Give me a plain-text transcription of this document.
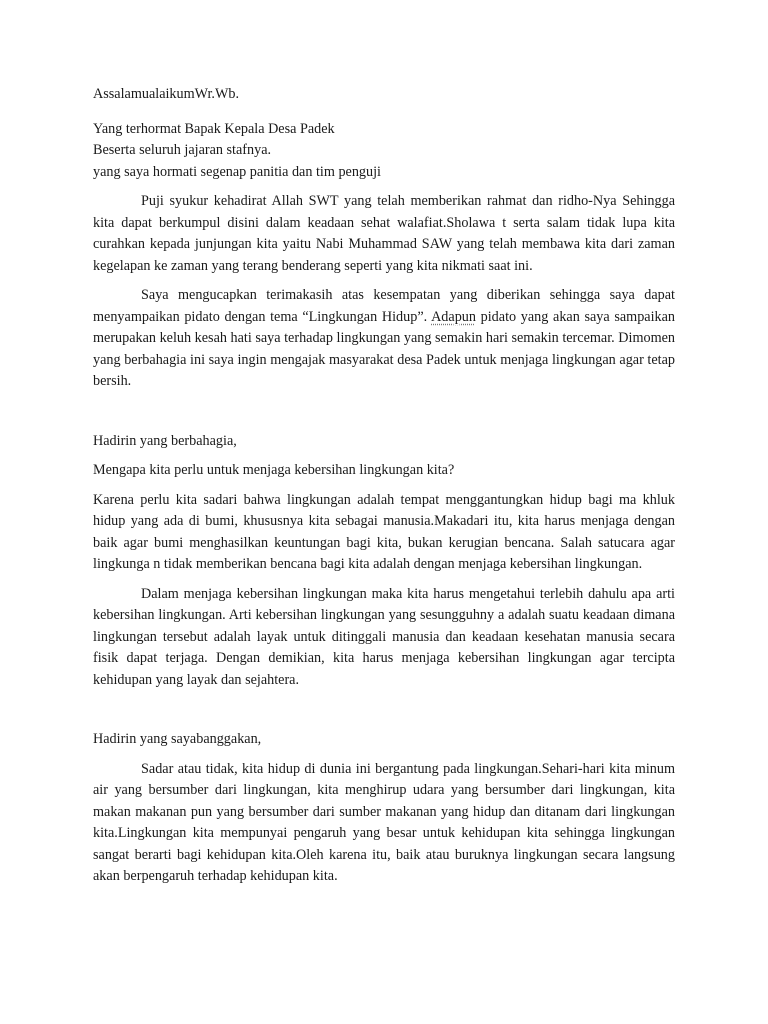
AssalamualaikumWr.Wb.

Yang terhormat Bapak Kepala Desa Padek

Beserta seluruh jajaran stafnya.

yang saya hormati segenap panitia dan tim penguji

Puji syukur kehadirat Allah SWT yang telah memberikan rahmat dan ridho-Nya Sehingga kita dapat berkumpul disini dalam keadaan sehat walafiat.Sholawa t serta salam tidak lupa kita curahkan kepada junjungan kita yaitu Nabi Muhammad SAW yang telah membawa kita dari zaman kegelapan ke zaman yang terang benderang seperti yang kita nikmati saat ini.

Saya mengucapkan terimakasih atas kesempatan yang diberikan sehingga saya dapat menyampaikan pidato dengan tema “Lingkungan Hidup”. Adapun pidato yang akan saya sampaikan merupakan keluh kesah hati saya terhadap lingkungan yang semakin hari semakin tercemar. Dimomen yang berbahagia ini saya ingin mengajak masyarakat desa Padek untuk menjaga lingkungan agar tetap bersih.

Hadirin yang berbahagia,

Mengapa kita perlu untuk menjaga kebersihan lingkungan kita?

Karena perlu kita sadari bahwa lingkungan adalah tempat menggantungkan hidup bagi ma khluk hidup yang ada di bumi, khususnya kita sebagai manusia.Makadari itu, kita harus menjaga dengan baik agar bumi menghasilkan keuntungan bagi kita, bukan kerugian bencana. Salah satucara agar lingkunga n tidak memberikan bencana bagi kita adalah dengan menjaga kebersihan lingkungan.

Dalam menjaga kebersihan lingkungan maka kita harus mengetahui terlebih dahulu apa arti kebersihan lingkungan. Arti kebersihan lingkungan yang sesungguhny a adalah suatu keadaan dimana lingkungan tersebut adalah layak untuk ditinggali manusia dan keadaan kesehatan manusia secara fisik dapat terjaga. Dengan demikian, kita harus menjaga kebersihan lingkungan agar tercipta kehidupan yang layak dan sejahtera.

Hadirin yang sayabanggakan,

Sadar atau tidak, kita hidup di dunia ini bergantung pada lingkungan.Sehari-hari kita minum air yang bersumber dari lingkungan, kita menghirup udara yang bersumber dari lingkungan, kita makan makanan pun yang bersumber dari sumber makanan yang hidup dan ditanam dari lingkungan kita.Lingkungan kita mempunyai pengaruh yang besar untuk kehidupan kita sehingga lingkungan sangat berarti bagi kehidupan kita.Oleh karena itu, baik atau buruknya lingkungan secara langsung akan berpengaruh terhadap kehidupan kita.
